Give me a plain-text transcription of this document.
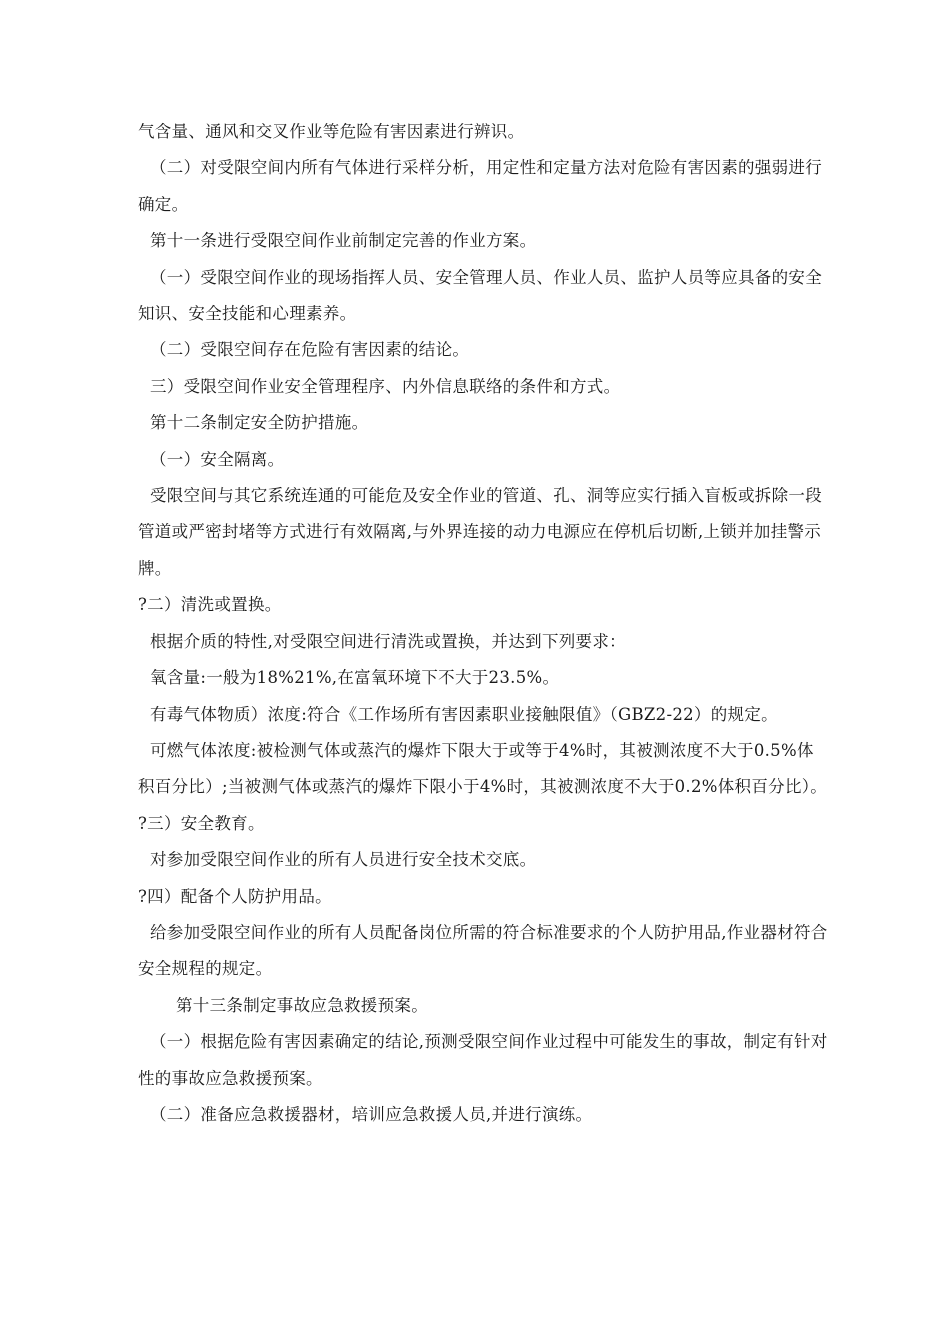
气含量、通风和交叉作业等危险有害因素进行辨识。

（二）对受限空间内所有气体进行采样分析，用定性和定量方法对危险有害因素的强弱进行确定。

第十一条进行受限空间作业前制定完善的作业方案。

（一）受限空间作业的现场指挥人员、安全管理人员、作业人员、监护人员等应具备的安全知识、安全技能和心理素养。

（二）受限空间存在危险有害因素的结论。

三）受限空间作业安全管理程序、内外信息联络的条件和方式。

第十二条制定安全防护措施。

（一）安全隔离。

受限空间与其它系统连通的可能危及安全作业的管道、孔、洞等应实行插入盲板或拆除一段管道或严密封堵等方式进行有效隔离,与外界连接的动力电源应在停机后切断,上锁并加挂警示牌。

?二）清洗或置换。

根据介质的特性,对受限空间进行清洗或置换，并达到下列要求：

氧含量:一般为18%21%,在富氧环境下不大于23.5%。

有毒气体物质）浓度:符合《工作场所有害因素职业接触限值》（GBZ2-22）的规定。

可燃气体浓度:被检测气体或蒸汽的爆炸下限大于或等于4%时，其被测浓度不大于0.5%体积百分比）;当被测气体或蒸汽的爆炸下限小于4%时，其被测浓度不大于0.2%体积百分比）。

?三）安全教育。

对参加受限空间作业的所有人员进行安全技术交底。

?四）配备个人防护用品。

给参加受限空间作业的所有人员配备岗位所需的符合标准要求的个人防护用品,作业器材符合安全规程的规定。

第十三条制定事故应急救援预案。

（一）根据危险有害因素确定的结论,预测受限空间作业过程中可能发生的事故，制定有针对性的事故应急救援预案。

（二）准备应急救援器材，培训应急救援人员,并进行演练。
